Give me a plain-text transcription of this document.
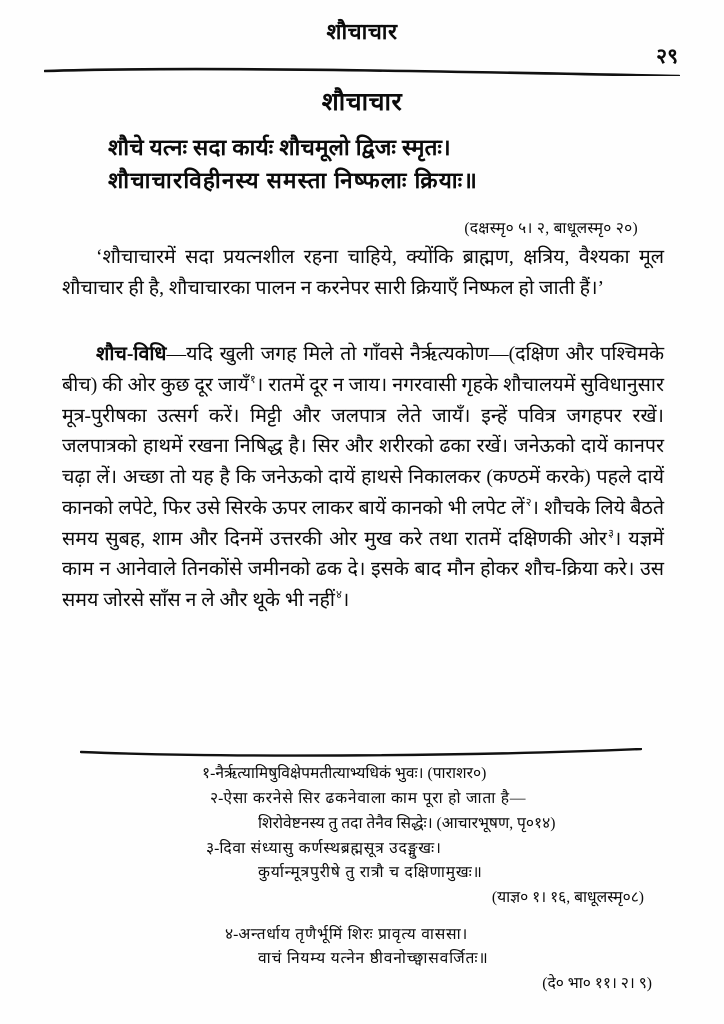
शौचाचार
२९
शौचाचार
शौचे यत्नः सदा कार्यः शौचमूलो द्विजः स्मृतः।
शौचाचारविहीनस्य समस्ता निष्फलाः क्रियाः॥
(दक्षस्मृ० ५। २, बाधूलस्मृ० २०)

‘शौचाचारमें सदा प्रयत्नशील रहना चाहिये, क्योंकि ब्राह्मण, क्षत्रिय, वैश्यका मूल शौचाचार ही है, शौचाचारका पालन न करनेपर सारी क्रियाएँ निष्फल हो जाती हैं।’

शौच-विधि—यदि खुली जगह मिले तो गाँवसे नैर्ऋत्यकोण—(दक्षिण और पश्चिमके बीच) की ओर कुछ दूर जायँ$^१$। रातमें दूर न जाय। नगरवासी गृहके शौचालयमें सुविधानुसार मूत्र-पुरीषका उत्सर्ग करें। मिट्टी और जलपात्र लेते जायँ। इन्हें पवित्र जगहपर रखें। जलपात्रको हाथमें रखना निषिद्ध है। सिर और शरीरको ढका रखें। जनेऊको दायें कानपर चढ़ा लें। अच्छा तो यह है कि जनेऊको दायें हाथसे निकालकर (कण्ठमें करके) पहले दायें कानको लपेटे, फिर उसे सिरके ऊपर लाकर बायें कानको भी लपेट लें$^२$। शौचके लिये बैठते समय सुबह, शाम और दिनमें उत्तरकी ओर मुख करे तथा रातमें दक्षिणकी ओर$^३$। यज्ञमें काम न आनेवाले तिनकोंसे जमीनको ढक दे। इसके बाद मौन होकर शौच-क्रिया करे। उस समय जोरसे साँस न ले और थूके भी नहीं$^४$।

१-नैर्ऋत्यामिषुविक्षेपमतीत्याभ्यधिकं भुवः। (पाराशर०)
२-ऐसा करनेसे सिर ढकनेवाला काम पूरा हो जाता है—
शिरोवेष्टनस्य तु तदा तेनैव सिद्धेः। (आचारभूषण, पृ०१४)
३-दिवा संध्यासु कर्णस्थब्रह्मसूत्र उदङ्मुखः।
कुर्यान्मूत्रपुरीषे तु रात्रौ च दक्षिणामुखः॥
(याज्ञ० १। १६, बाधूलस्मृ०८)
४-अन्तर्धाय तृणैर्भूमिं शिरः प्रावृत्य वाससा।
वाचं नियम्य यत्नेन ष्ठीवनोच्छ्वासवर्जितः॥
(दे० भा० ११। २। ९)
